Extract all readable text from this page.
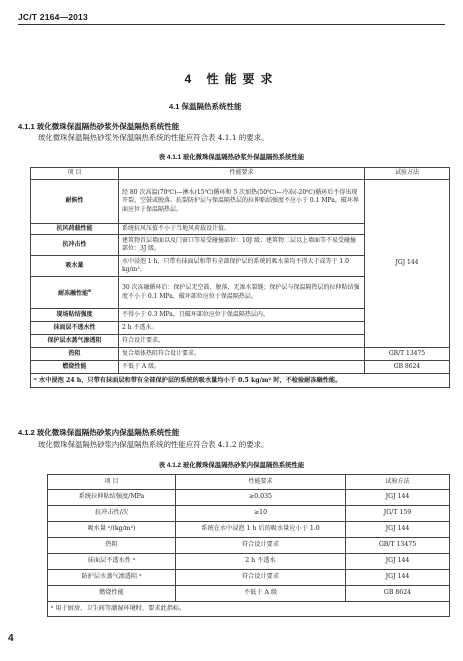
JC/T 2164—2013
4 性能要求
4.1 保温隔热系统性能
4.1.1 玻化微珠保温隔热砂浆外保温隔热系统性能
玻化微珠保温隔热砂浆外保温隔热系统的性能应符合表 4.1.1 的要求。
表 4.1.1 玻化微珠保温隔热砂浆外保温隔热系统性能
项 目	性能要求	试验方法
耐候性	经 80 次高温(70℃)—淋水(15℃)循环和 5 次加热(50℃)—冷冻(-20℃)循环后不得出现开裂、空鼓或脱落。抗裂防护层与保温隔热层的拉伸粘结强度不应小于 0.1 MPa，破坏界面应位于保温隔热层。	JGJ 144
抗风荷载性能	系统抗风压值不小于当地风荷载设计值。	
抗冲击性	建筑物首层墙面以及门窗口等易受碰撞部位：10J 级；建筑物二层以上墙面等不易受碰撞部位：3J 级。	
吸水量	水中浸泡 1 h，只带有抹面层和带有全部保护层的系统的吸水量均不得大于或等于 1.0 kg/m²。	
耐冻融性能$^a$	30 次冻融循环后：保护层无空鼓、脱落，无渗水裂缝；保护层与保温隔热层的拉伸粘结强度不小于 0.1 MPa，破坏部位应位于保温隔热层。	
现场粘结强度	不得小于 0.3 MPa，且破坏部位应位于保温隔热层内。	
抹面层不透水性	2 h 不透水。	
保护层水蒸气渗透阻	符合设计要求。	
热阻	复合墙体热阻符合设计要求。	GB/T 13475
燃烧性能	不低于 A 级。	GB 8624
ᵃ 水中浸泡 24 h，只带有抹面层和带有全部保护层的系统的吸水量均小于 0.5 kg/m² 时，不检验耐冻融性能。		
4.1.2 玻化微珠保温隔热砂浆内保温隔热系统性能
玻化微珠保温隔热砂浆内保温隔热系统的性能应符合表 4.1.2 的要求。
表 4.1.2 玻化微珠保温隔热砂浆内保温隔热系统性能
项 目	性能要求	试验方法
系统拉伸粘结强度/MPa	≥0.035	JGJ 144
抗冲击性/次	≥10	JG/T 159
吸水量 ᵃ/(kg/m²)	系统在水中浸泡 1 h 后的吸水量应小于 1.0	JGJ 144
热阻	符合设计要求	GB/T 13475
抹面层不透水性 ᵃ	2 h 不透水	JGJ 144
防护层水蒸气渗透阻 ᵃ	符合设计要求	JGJ 144
燃烧性能	不低于 A 级	GB 8624
ᵃ 用于厨房、卫生间等潮湿环境时，要求此指标。		
4
